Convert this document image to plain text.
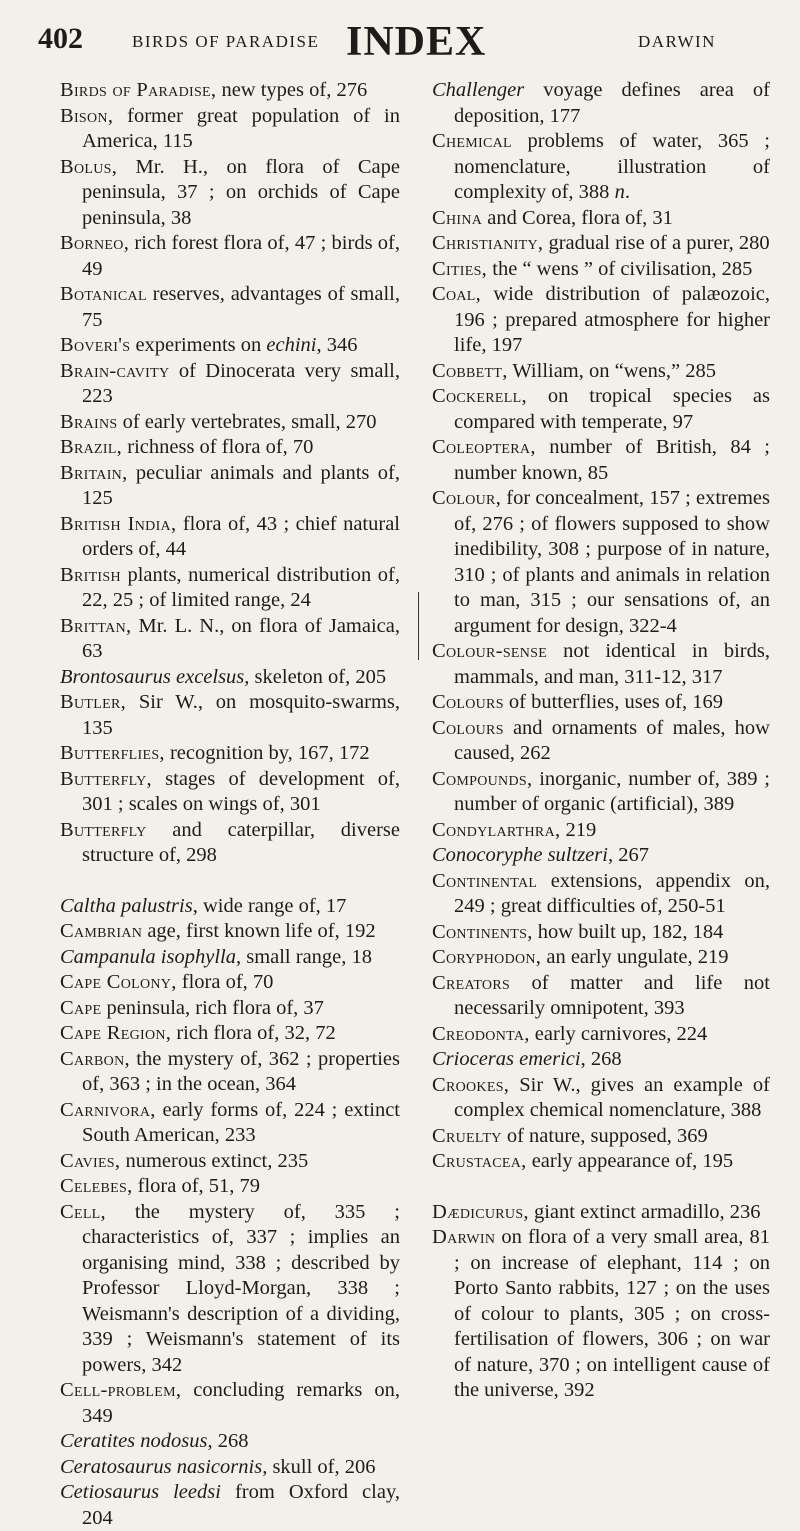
402	BIRDS OF PARADISE INDEX	DARWIN

Birds of Paradise, new types of, 276

Bison, former great population of in America, 115

Bolus, Mr. H., on flora of Cape peninsula, 37 ; on orchids of Cape peninsula, 38

Borneo, rich forest flora of, 47 ; birds of, 49

Botanical reserves, advantages of small, 75

Boveri's experiments on echini, 346

Brain-cavity of Dinocerata very small, 223

Brains of early vertebrates, small, 270

Brazil, richness of flora of, 70

Britain, peculiar animals and plants of, 125

British India, flora of, 43 ; chief natural orders of, 44

British plants, numerical distribution of, 22, 25 ; of limited range, 24

Brittan, Mr. L. N., on flora of Jamaica, 63

Brontosaurus excelsus, skeleton of, 205

Butler, Sir W., on mosquito-swarms, 135

Butterflies, recognition by, 167, 172

Butterfly, stages of development of, 301 ; scales on wings of, 301

Butterfly and caterpillar, diverse structure of, 298

Caltha palustris, wide range of, 17

Cambrian age, first known life of, 192

Campanula isophylla, small range, 18

Cape Colony, flora of, 70

Cape peninsula, rich flora of, 37

Cape Region, rich flora of, 32, 72

Carbon, the mystery of, 362 ; properties of, 363 ; in the ocean, 364

Carnivora, early forms of, 224 ; extinct South American, 233

Cavies, numerous extinct, 235

Celebes, flora of, 51, 79

Cell, the mystery of, 335 ; characteristics of, 337 ; implies an organising mind, 338 ; described by Professor Lloyd-Morgan, 338 ; Weismann's description of a dividing, 339 ; Weismann's statement of its powers, 342

Cell-problem, concluding remarks on, 349

Ceratites nodosus, 268

Ceratosaurus nasicornis, skull of, 206

Cetiosaurus leedsi from Oxford clay, 204

Challenger voyage defines area of deposition, 177

Chemical problems of water, 365 ; nomenclature, illustration of complexity of, 388 n.

China and Corea, flora of, 31

Christianity, gradual rise of a purer, 280

Cities, the “ wens ” of civilisation, 285

Coal, wide distribution of palæozoic, 196 ; prepared atmosphere for higher life, 197

Cobbett, William, on “wens,” 285

Cockerell, on tropical species as compared with temperate, 97

Coleoptera, number of British, 84 ; number known, 85

Colour, for concealment, 157 ; extremes of, 276 ; of flowers supposed to show inedibility, 308 ; purpose of in nature, 310 ; of plants and animals in relation to man, 315 ; our sensations of, an argument for design, 322-4

Colour-sense not identical in birds, mammals, and man, 311-12, 317

Colours of butterflies, uses of, 169

Colours and ornaments of males, how caused, 262

Compounds, inorganic, number of, 389 ; number of organic (artificial), 389

Condylarthra, 219

Conocoryphe sultzeri, 267

Continental extensions, appendix on, 249 ; great difficulties of, 250-51

Continents, how built up, 182, 184

Coryphodon, an early ungulate, 219

Creators of matter and life not necessarily omnipotent, 393

Creodonta, early carnivores, 224

Crioceras emerici, 268

Crookes, Sir W., gives an example of complex chemical nomenclature, 388

Cruelty of nature, supposed, 369

Crustacea, early appearance of, 195

Dædicurus, giant extinct armadillo, 236

Darwin on flora of a very small area, 81 ; on increase of elephant, 114 ; on Porto Santo rabbits, 127 ; on the uses of colour to plants, 305 ; on cross-fertilisation of flowers, 306 ; on war of nature, 370 ; on intelligent cause of the universe, 392
